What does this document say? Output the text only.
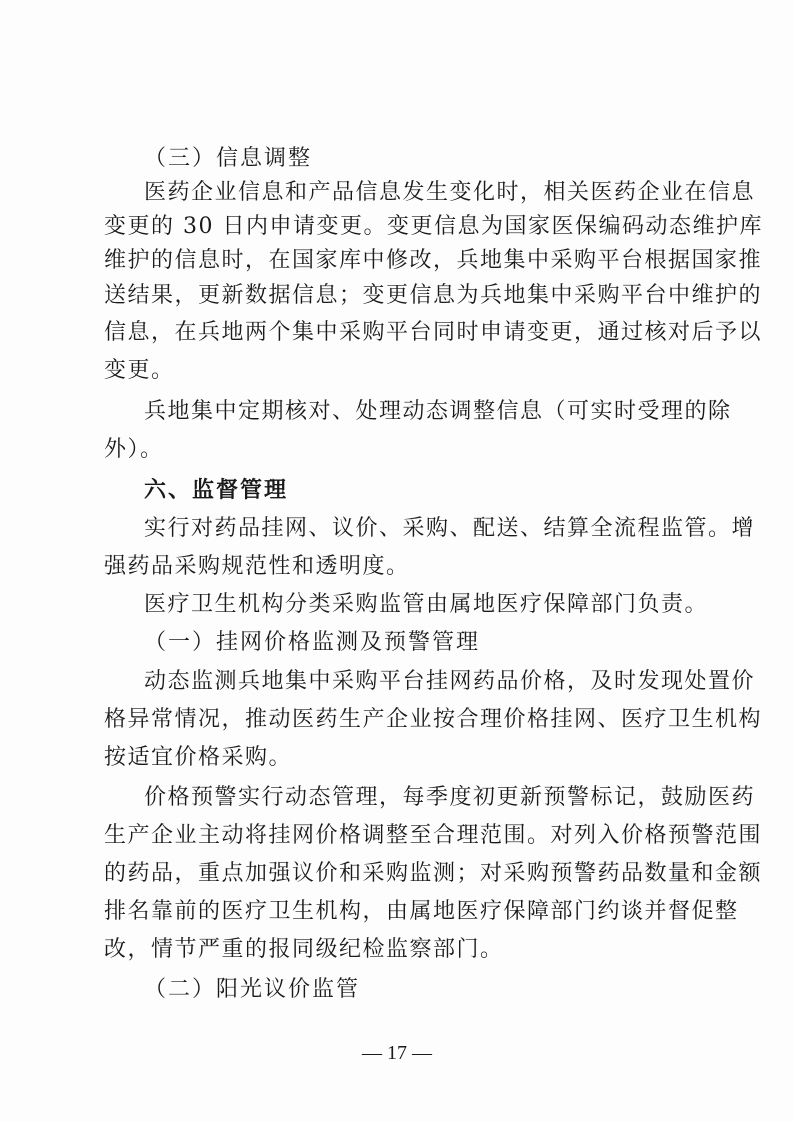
（三）信息调整
医药企业信息和产品信息发生变化时，相关医药企业在信息
变更的 30 日内申请变更。变更信息为国家医保编码动态维护库
维护的信息时，在国家库中修改，兵地集中采购平台根据国家推
送结果，更新数据信息；变更信息为兵地集中采购平台中维护的
信息，在兵地两个集中采购平台同时申请变更，通过核对后予以
变更。
兵地集中定期核对、处理动态调整信息（可实时受理的除
外）。
六、监督管理
实行对药品挂网、议价、采购、配送、结算全流程监管。增
强药品采购规范性和透明度。
医疗卫生机构分类采购监管由属地医疗保障部门负责。
（一）挂网价格监测及预警管理
动态监测兵地集中采购平台挂网药品价格，及时发现处置价
格异常情况，推动医药生产企业按合理价格挂网、医疗卫生机构
按适宜价格采购。
价格预警实行动态管理，每季度初更新预警标记，鼓励医药
生产企业主动将挂网价格调整至合理范围。对列入价格预警范围
的药品，重点加强议价和采购监测；对采购预警药品数量和金额
排名靠前的医疗卫生机构，由属地医疗保障部门约谈并督促整
改，情节严重的报同级纪检监察部门。
（二）阳光议价监管
— 17 —
